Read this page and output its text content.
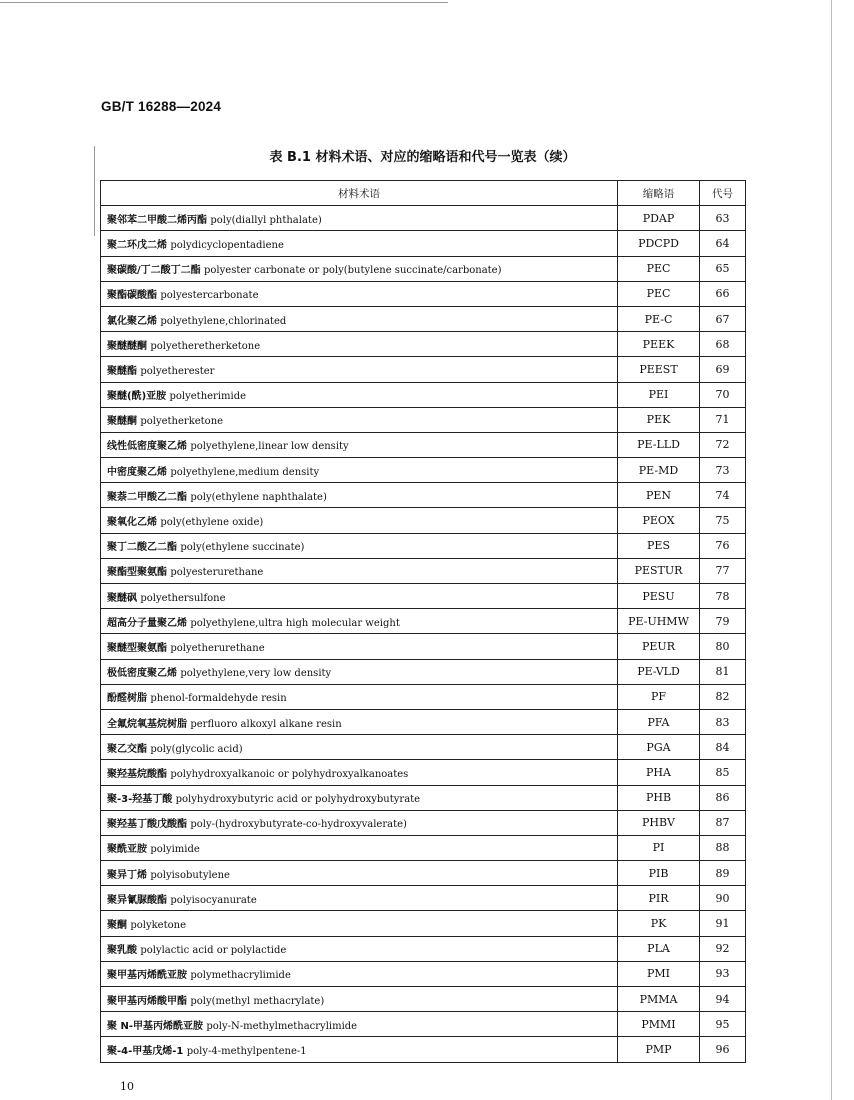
GB/T 16288—2024
表 B.1 材料术语、对应的缩略语和代号一览表（续）
材料术语	缩略语	代号
聚邻苯二甲酸二烯丙酯 poly(diallyl phthalate)	PDAP	63
聚二环戊二烯 polydicyclopentadiene	PDCPD	64
聚碳酸/丁二酸丁二酯 polyester carbonate or poly(butylene succinate/carbonate)	PEC	65
聚酯碳酸酯 polyestercarbonate	PEC	66
氯化聚乙烯 polyethylene,chlorinated	PE-C	67
聚醚醚酮 polyetheretherketone	PEEK	68
聚醚酯 polyetherester	PEEST	69
聚醚(酰)亚胺 polyetherimide	PEI	70
聚醚酮 polyetherketone	PEK	71
线性低密度聚乙烯 polyethylene,linear low density	PE-LLD	72
中密度聚乙烯 polyethylene,medium density	PE-MD	73
聚萘二甲酸乙二酯 poly(ethylene naphthalate)	PEN	74
聚氧化乙烯 poly(ethylene oxide)	PEOX	75
聚丁二酸乙二酯 poly(ethylene succinate)	PES	76
聚酯型聚氨酯 polyesterurethane	PESTUR	77
聚醚砜 polyethersulfone	PESU	78
超高分子量聚乙烯 polyethylene,ultra high molecular weight	PE-UHMW	79
聚醚型聚氨酯 polyetherurethane	PEUR	80
极低密度聚乙烯 polyethylene,very low density	PE-VLD	81
酚醛树脂 phenol-formaldehyde resin	PF	82
全氟烷氧基烷树脂 perfluoro alkoxyl alkane resin	PFA	83
聚乙交酯 poly(glycolic acid)	PGA	84
聚羟基烷酸酯 polyhydroxyalkanoic or polyhydroxyalkanoates	PHA	85
聚-3-羟基丁酸 polyhydroxybutyric acid or polyhydroxybutyrate	PHB	86
聚羟基丁酸戊酸酯 poly-(hydroxybutyrate-co-hydroxyvalerate)	PHBV	87
聚酰亚胺 polyimide	PI	88
聚异丁烯 polyisobutylene	PIB	89
聚异氰脲酸酯 polyisocyanurate	PIR	90
聚酮 polyketone	PK	91
聚乳酸 polylactic acid or polylactide	PLA	92
聚甲基丙烯酰亚胺 polymethacrylimide	PMI	93
聚甲基丙烯酸甲酯 poly(methyl methacrylate)	PMMA	94
聚 N-甲基丙烯酰亚胺 poly-N-methylmethacrylimide	PMMI	95
聚-4-甲基戊烯-1 poly-4-methylpentene-1	PMP	96
10
